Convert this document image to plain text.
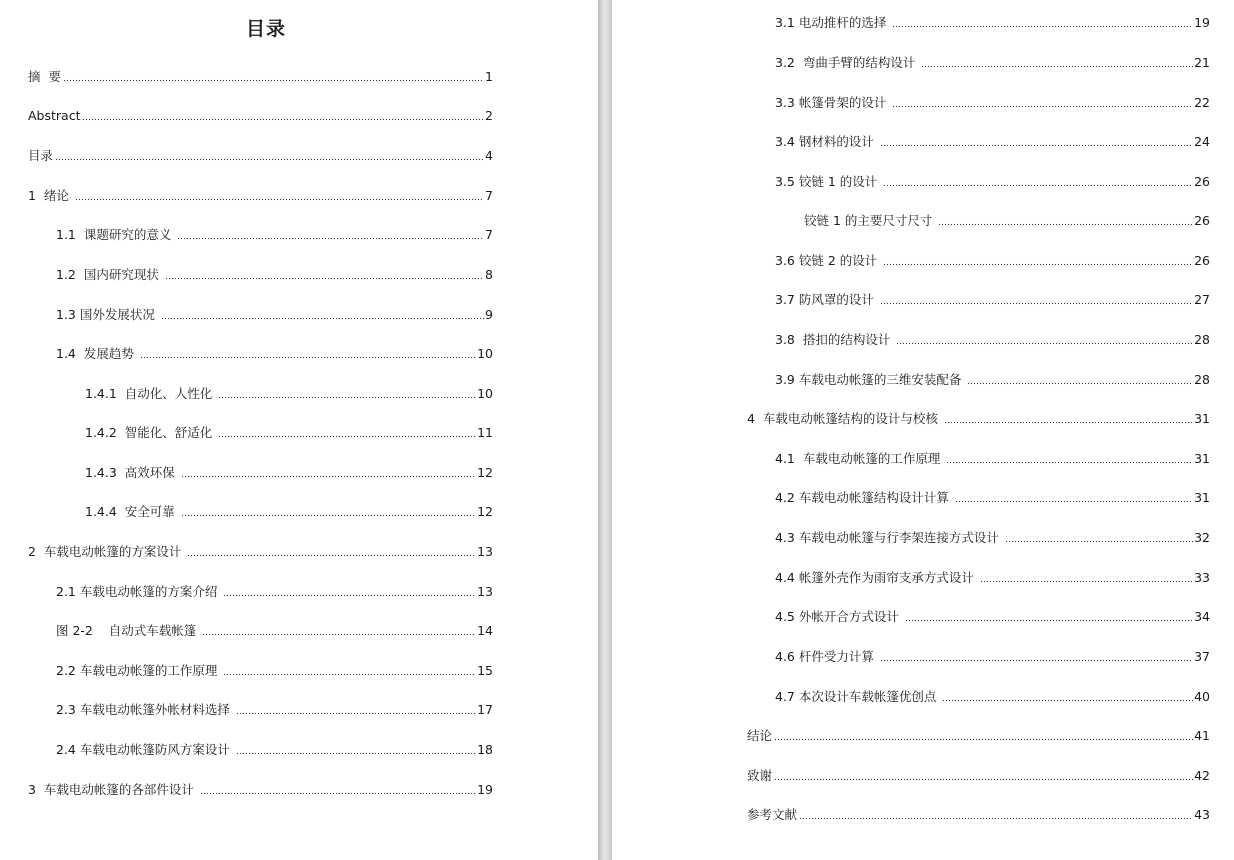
目录
摘  要	1
Abstract	2
目录	4
1  绪论	7
1.1  课题研究的意义	7
1.2  国内研究现状	8
1.3 国外发展状况	9
1.4  发展趋势	10
1.4.1  自动化、人性化	10
1.4.2  智能化、舒适化	11
1.4.3  高效环保	12
1.4.4  安全可靠	12
2  车载电动帐篷的方案设计	13
2.1 车载电动帐篷的方案介绍	13
图 2-2    自动式车载帐篷	14
2.2 车载电动帐篷的工作原理	15
2.3 车载电动帐篷外帐材料选择	17
2.4 车载电动帐篷防风方案设计	18
3  车载电动帐篷的各部件设计	19
3.1 电动推杆的选择	19
3.2  弯曲手臂的结构设计	21
3.3 帐篷骨架的设计	22
3.4 钢材料的设计	24
3.5 铰链 1 的设计	26
铰链 1 的主要尺寸尺寸	26
3.6 铰链 2 的设计	26
3.7 防风罩的设计	27
3.8  搭扣的结构设计	28
3.9 车载电动帐篷的三维安装配备	28
4  车载电动帐篷结构的设计与校核	31
4.1  车载电动帐篷的工作原理	31
4.2 车载电动帐篷结构设计计算	31
4.3 车载电动帐篷与行李架连接方式设计	32
4.4 帐篷外壳作为雨帘支承方式设计	33
4.5 外帐开合方式设计	34
4.6 杆件受力计算	37
4.7 本次设计车载帐篷优创点	40
结论	41
致谢	42
参考文献	43
